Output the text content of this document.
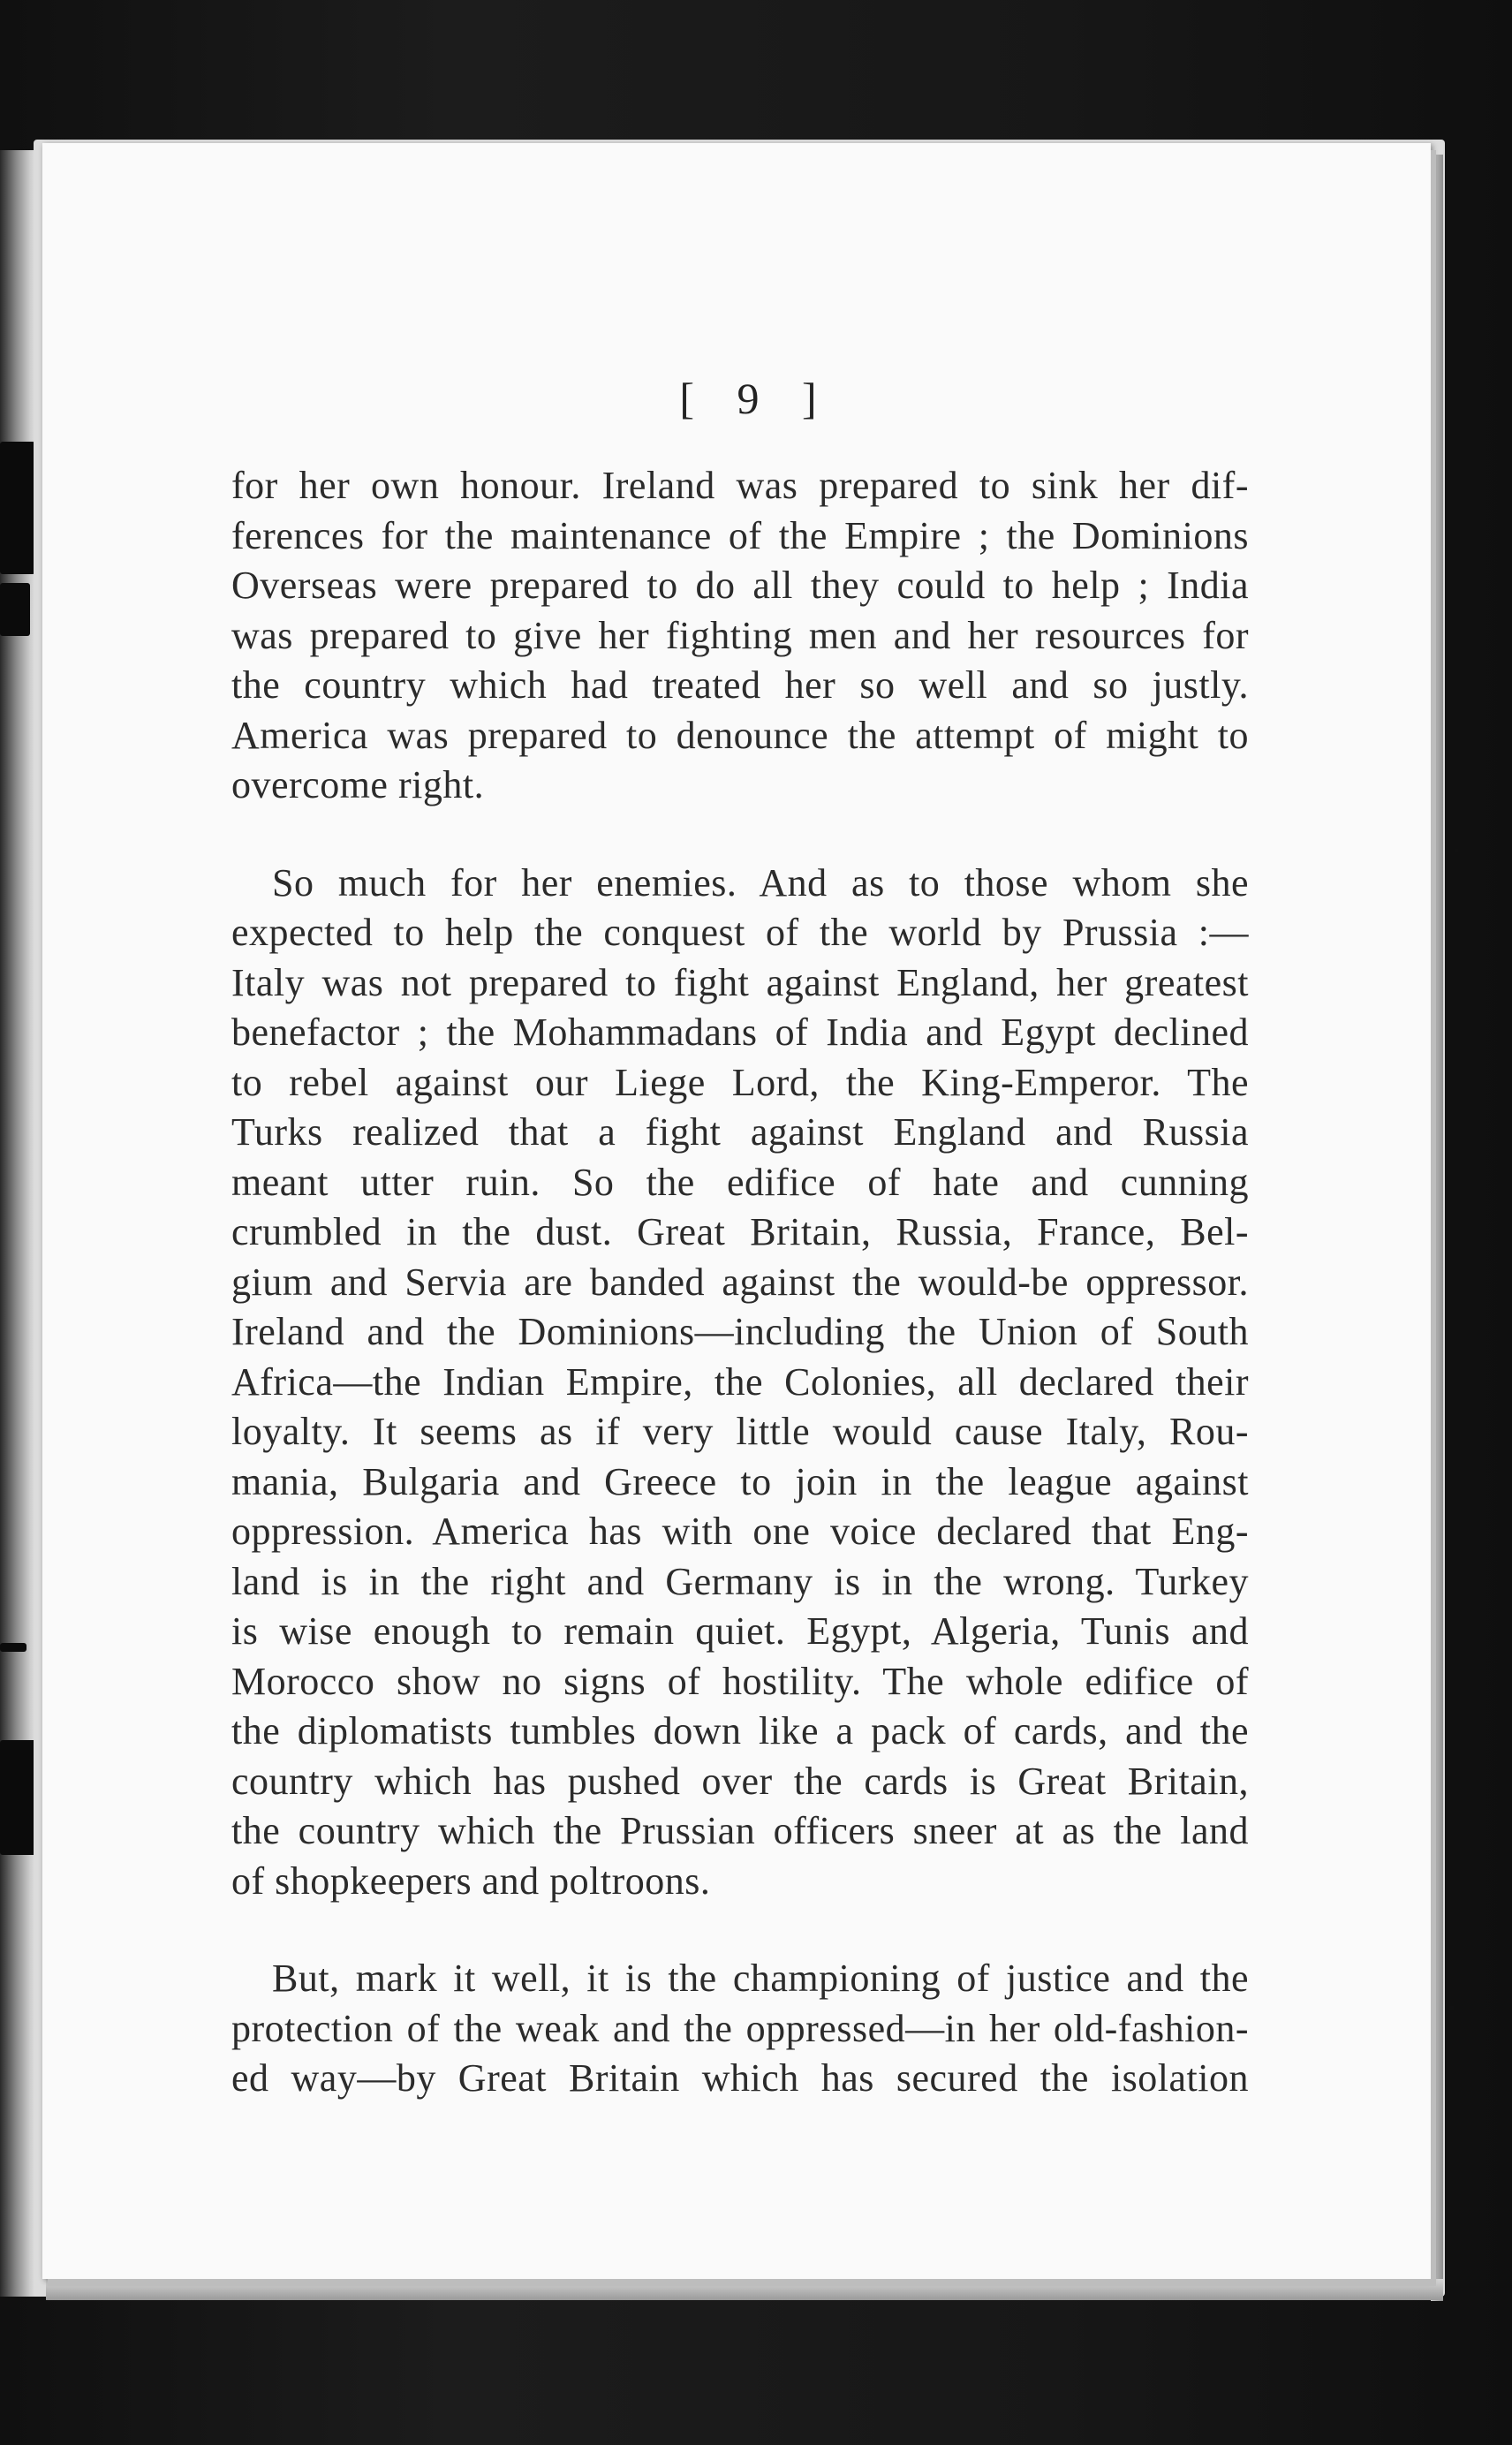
[ 9 ]

for her own honour. Ireland was prepared to sink her dif-
ferences for the maintenance of the Empire ; the Dominions
Overseas were prepared to do all they could to help ; India
was prepared to give her fighting men and her resources for
the country which had treated her so well and so justly.
America was prepared to denounce the attempt of might to
overcome right.

So much for her enemies. And as to those whom she
expected to help the conquest of the world by Prussia :—
Italy was not prepared to fight against England, her greatest
benefactor ; the Mohammadans of India and Egypt declined
to rebel against our Liege Lord, the King-Emperor. The
Turks realized that a fight against England and Russia
meant utter ruin. So the edifice of hate and cunning
crumbled in the dust. Great Britain, Russia, France, Bel-
gium and Servia are banded against the would-be oppressor.
Ireland and the Dominions—including the Union of South
Africa—the Indian Empire, the Colonies, all declared their
loyalty. It seems as if very little would cause Italy, Rou-
mania, Bulgaria and Greece to join in the league against
oppression. America has with one voice declared that Eng-
land is in the right and Germany is in the wrong. Turkey
is wise enough to remain quiet. Egypt, Algeria, Tunis and
Morocco show no signs of hostility. The whole edifice of
the diplomatists tumbles down like a pack of cards, and the
country which has pushed over the cards is Great Britain,
the country which the Prussian officers sneer at as the land
of shopkeepers and poltroons.

But, mark it well, it is the championing of justice and the
protection of the weak and the oppressed—in her old-fashion-
ed way—by Great Britain which has secured the isolation
